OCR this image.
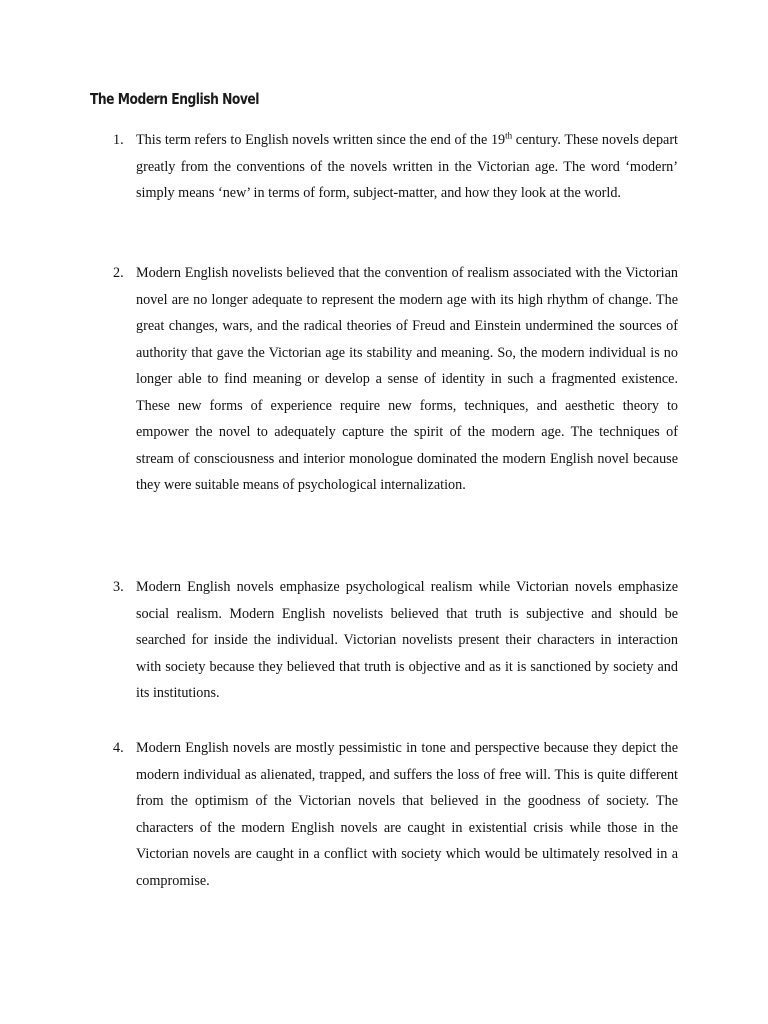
The Modern English Novel
1. This term refers to English novels written since the end of the 19th century. These novels depart greatly from the conventions of the novels written in the Victorian age. The word ‘modern’ simply means ‘new’ in terms of form, subject-matter, and how they look at the world.
2. Modern English novelists believed that the convention of realism associated with the Victorian novel are no longer adequate to represent the modern age with its high rhythm of change. The great changes, wars, and the radical theories of Freud and Einstein undermined the sources of authority that gave the Victorian age its stability and meaning. So, the modern individual is no longer able to find meaning or develop a sense of identity in such a fragmented existence. These new forms of experience require new forms, techniques, and aesthetic theory to empower the novel to adequately capture the spirit of the modern age. The techniques of stream of consciousness and interior monologue dominated the modern English novel because they were suitable means of psychological internalization.
3. Modern English novels emphasize psychological realism while Victorian novels emphasize social realism. Modern English novelists believed that truth is subjective and should be searched for inside the individual. Victorian novelists present their characters in interaction with society because they believed that truth is objective and as it is sanctioned by society and its institutions.
4. Modern English novels are mostly pessimistic in tone and perspective because they depict the modern individual as alienated, trapped, and suffers the loss of free will. This is quite different from the optimism of the Victorian novels that believed in the goodness of society. The characters of the modern English novels are caught in existential crisis while those in the Victorian novels are caught in a conflict with society which would be ultimately resolved in a compromise.
